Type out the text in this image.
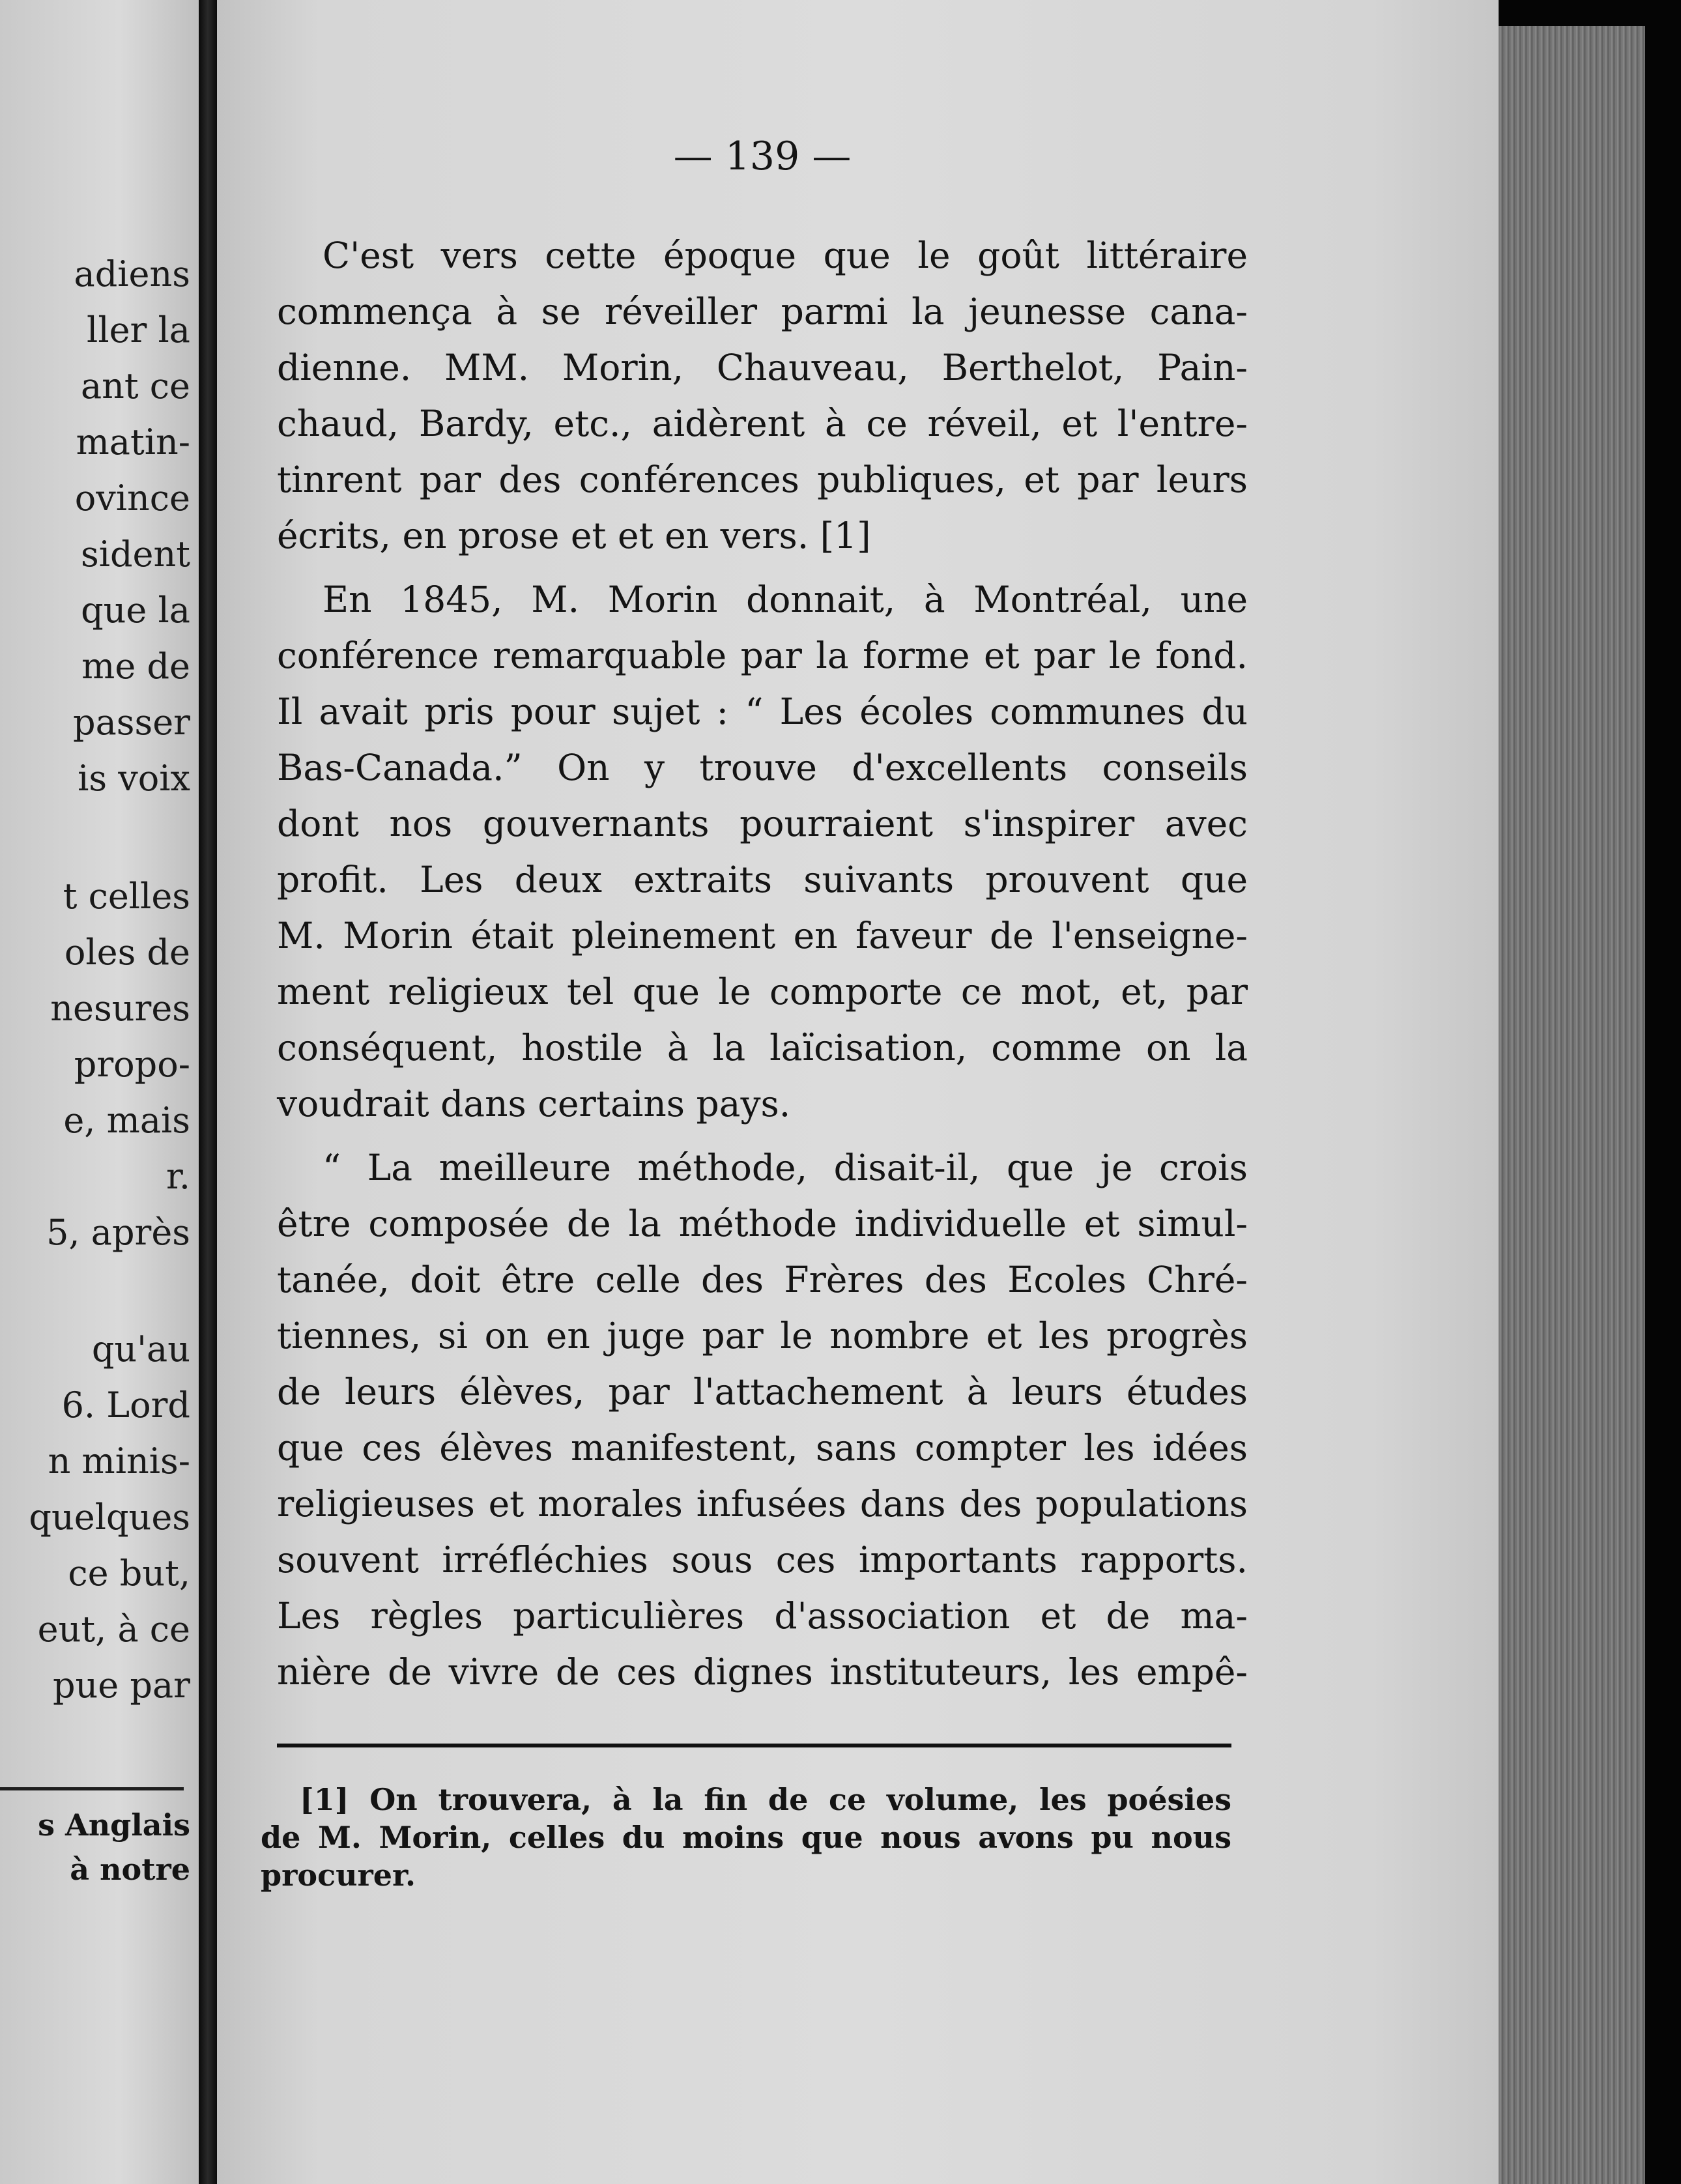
adiens
ller la
ant ce
matin-
ovince
sident
que la
me de
passer
is voix
t celles
oles de
nesures
propo-
e, mais
r.
5, après
qu'au
6. Lord
n minis-
quelques
ce but,
eut, à ce
pue par
s Anglais
à notre
— 139 —
C'est vers cette époque que le goût littéraire
commença à se réveiller parmi la jeunesse cana-
dienne. MM. Morin, Chauveau, Berthelot, Pain-
chaud, Bardy, etc., aidèrent à ce réveil, et l'entre-
tinrent par des conférences publiques, et par leurs
écrits, en prose et et en vers. [1]
En 1845, M. Morin donnait, à Montréal, une
conférence remarquable par la forme et par le fond.
Il avait pris pour sujet : “ Les écoles communes du
Bas-Canada.” On y trouve d'excellents conseils
dont nos gouvernants pourraient s'inspirer avec
profit. Les deux extraits suivants prouvent que
M. Morin était pleinement en faveur de l'enseigne-
ment religieux tel que le comporte ce mot, et, par
conséquent, hostile à la laïcisation, comme on la
voudrait dans certains pays.
“ La meilleure méthode, disait-il, que je crois
être composée de la méthode individuelle et simul-
tanée, doit être celle des Frères des Ecoles Chré-
tiennes, si on en juge par le nombre et les progrès
de leurs élèves, par l'attachement à leurs études
que ces élèves manifestent, sans compter les idées
religieuses et morales infusées dans des populations
souvent irréfléchies sous ces importants rapports.
Les règles particulières d'association et de ma-
nière de vivre de ces dignes instituteurs, les empê-
[1] On trouvera, à la fin de ce volume, les poésies
de M. Morin, celles du moins que nous avons pu nous
procurer.
